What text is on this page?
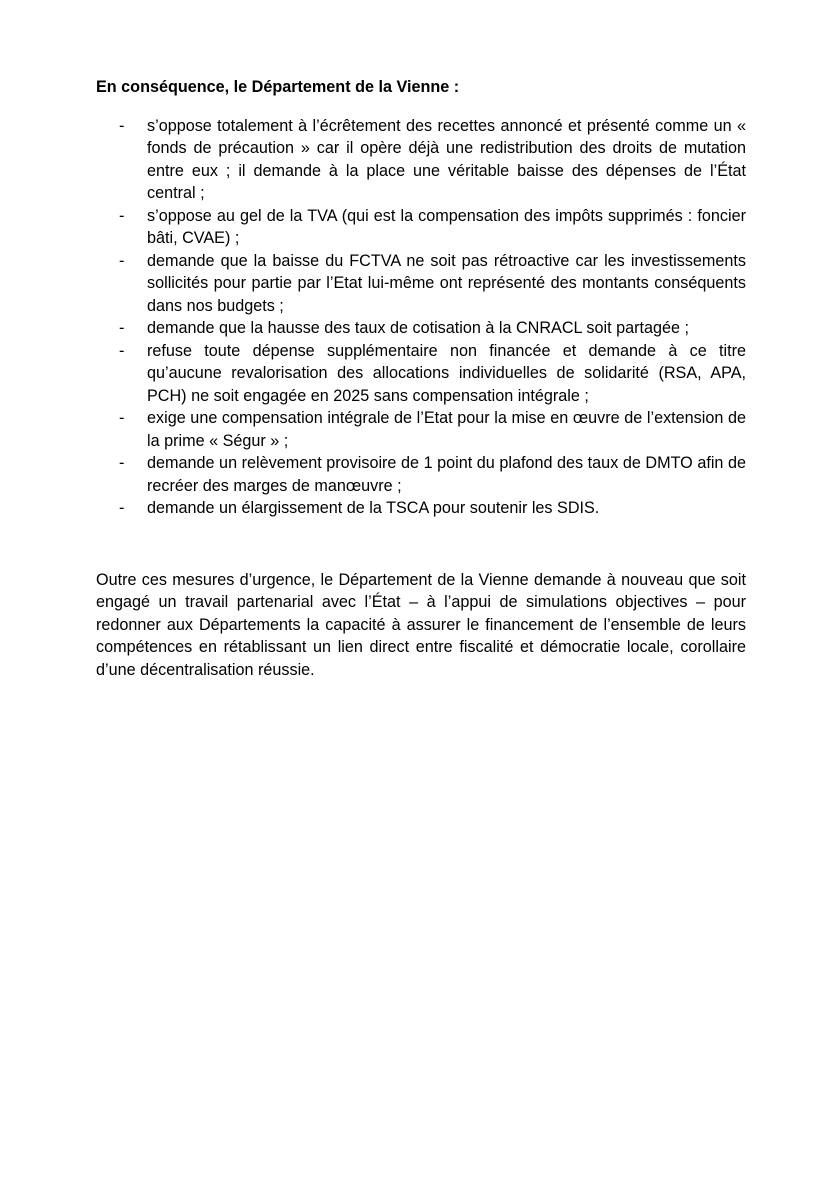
En conséquence, le Département de la Vienne :

- s’oppose totalement à l’écrêtement des recettes annoncé et présenté comme un « fonds de précaution » car il opère déjà une redistribution des droits de mutation entre eux ; il demande à la place une véritable baisse des dépenses de l’État central ;
- s’oppose au gel de la TVA (qui est la compensation des impôts supprimés : foncier bâti, CVAE) ;
- demande que la baisse du FCTVA ne soit pas rétroactive car les investissements sollicités pour partie par l’Etat lui-même ont représenté des montants conséquents dans nos budgets ;
- demande que la hausse des taux de cotisation à la CNRACL soit partagée ;
- refuse toute dépense supplémentaire non financée et demande à ce titre qu’aucune revalorisation des allocations individuelles de solidarité (RSA, APA, PCH) ne soit engagée en 2025 sans compensation intégrale ;
- exige une compensation intégrale de l’Etat pour la mise en œuvre de l’extension de la prime « Ségur » ;
- demande un relèvement provisoire de 1 point du plafond des taux de DMTO afin de recréer des marges de manœuvre ;
- demande un élargissement de la TSCA pour soutenir les SDIS.

Outre ces mesures d’urgence, le Département de la Vienne demande à nouveau que soit engagé un travail partenarial avec l’État – à l’appui de simulations objectives – pour redonner aux Départements la capacité à assurer le financement de l’ensemble de leurs compétences en rétablissant un lien direct entre fiscalité et démocratie locale, corollaire d’une décentralisation réussie.
